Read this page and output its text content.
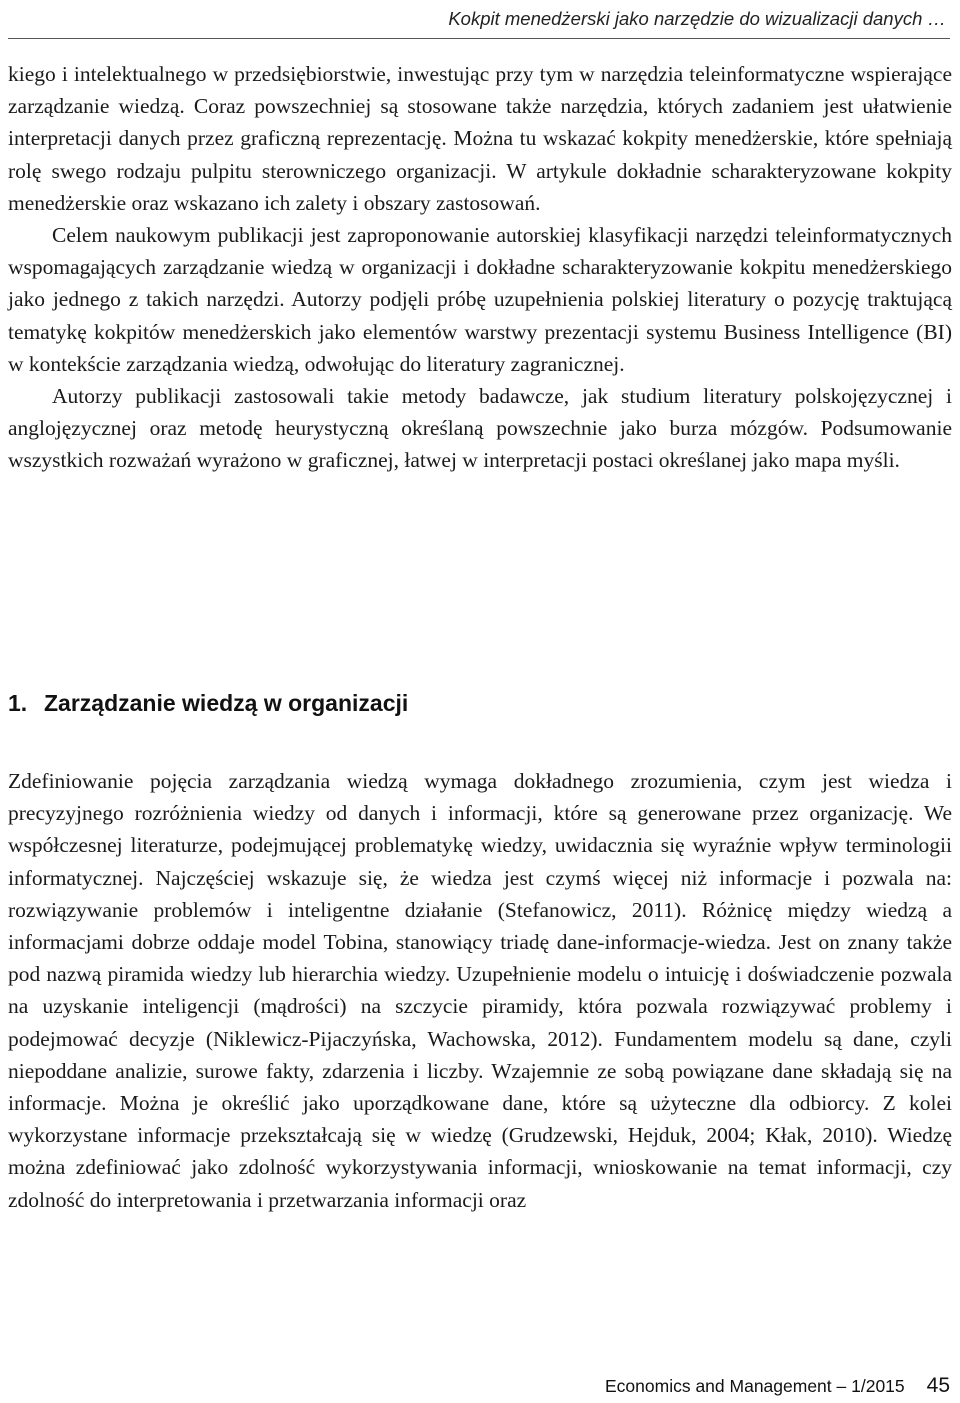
Kokpit menedżerski jako narzędzie do wizualizacji danych …

kiego i intelektualnego w przedsiębiorstwie, inwestując przy tym w narzędzia teleinformatyczne wspierające zarządzanie wiedzą. Coraz powszechniej są stosowane także narzędzia, których zadaniem jest ułatwienie interpretacji danych przez graficzną reprezentację. Można tu wskazać kokpity menedżerskie, które spełniają rolę swego rodzaju pulpitu sterowniczego organizacji. W artykule dokładnie scharakteryzowane kokpity menedżerskie oraz wskazano ich zalety i obszary zastosowań.

Celem naukowym publikacji jest zaproponowanie autorskiej klasyfikacji narzędzi teleinformatycznych wspomagających zarządzanie wiedzą w organizacji i dokładne scharakteryzowanie kokpitu menedżerskiego jako jednego z takich narzędzi. Autorzy podjęli próbę uzupełnienia polskiej literatury o pozycję traktującą tematykę kokpitów menedżerskich jako elementów warstwy prezentacji systemu Business Intelligence (BI) w kontekście zarządzania wiedzą, odwołując do literatury zagranicznej.

Autorzy publikacji zastosowali takie metody badawcze, jak studium literatury polskojęzycznej i anglojęzycznej oraz metodę heurystyczną określaną powszechnie jako burza mózgów. Podsumowanie wszystkich rozważań wyrażono w graficznej, łatwej w interpretacji postaci określanej jako mapa myśli.

1. Zarządzanie wiedzą w organizacji

Zdefiniowanie pojęcia zarządzania wiedzą wymaga dokładnego zrozumienia, czym jest wiedza i precyzyjnego rozróżnienia wiedzy od danych i informacji, które są generowane przez organizację. We współczesnej literaturze, podejmującej problematykę wiedzy, uwidacznia się wyraźnie wpływ terminologii informatycznej. Najczęściej wskazuje się, że wiedza jest czymś więcej niż informacje i pozwala na: rozwiązywanie problemów i inteligentne działanie (Stefanowicz, 2011). Różnicę między wiedzą a informacjami dobrze oddaje model Tobina, stanowiący triadę dane-informacje-wiedza. Jest on znany także pod nazwą piramida wiedzy lub hierarchia wiedzy. Uzupełnienie modelu o intuicję i doświadczenie pozwala na uzyskanie inteligencji (mądrości) na szczycie piramidy, która pozwala rozwiązywać problemy i podejmować decyzje (Niklewicz-Pijaczyńska, Wachowska, 2012). Fundamentem modelu są dane, czyli niepoddane analizie, surowe fakty, zdarzenia i liczby. Wzajemnie ze sobą powiązane dane składają się na informacje. Można je określić jako uporządkowane dane, które są użyteczne dla odbiorcy. Z kolei wykorzystane informacje przekształcają się w wiedzę (Grudzewski, Hejduk, 2004; Kłak, 2010). Wiedzę można zdefiniować jako zdolność wykorzystywania informacji, wnioskowanie na temat informacji, czy zdolność do interpretowania i przetwarzania informacji oraz

Economics and Management – 1/2015 45
